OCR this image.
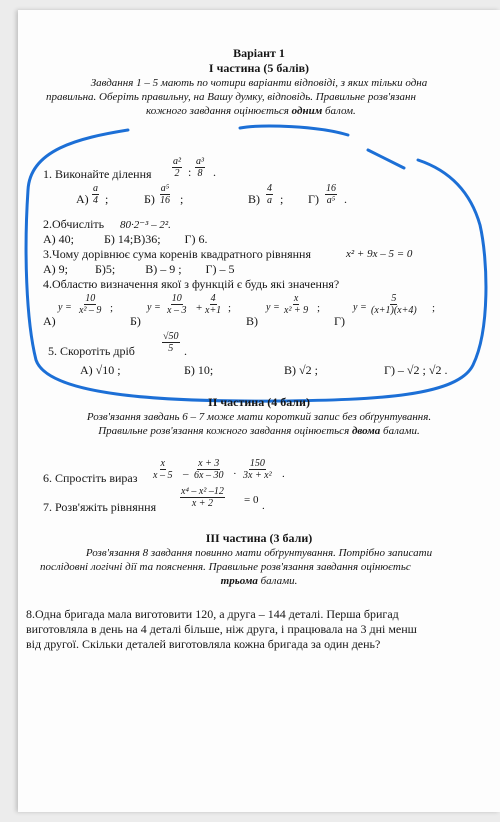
Варіант 1
I частина (5 балів)
Завдання 1 – 5 мають по чотири варіанти відповіді, з яких тільки одна
правильна. Оберіть правильну, на Вашу думку, відповідь. Правильне розв'язанн
кожного завдання оцінюється одним балом.
1. Виконайте ділення $\frac{\text{a²}}{2}$ : $\frac{\text{a³}}{8}$ .
$A) \frac{a}{4}$ ;	$Б) \frac{\text{a⁵}}{16}$ ;	$В) \frac{4}{a}$ ; $Г) \frac{16}{\text{a⁵}}$ .
2.Обчисліть 80·2⁻³ – 2².
A) 40;          Б) 14;В)36;        Г) 6.
3.Чому дорівнює сума коренів квадратного рівняння	x² + 9x – 5 = 0
А) 9;         Б)5;          В) – 9 ;        Г) – 5
4.Областю визначення якої з функцій є будь які значення?
А)
$y = \frac{10}{\text{x² – 9}}$ ;
Б)
$y = \frac{10}{x - 3} + \frac{4}{x+1}$ ;
В)
$y = \frac{x}{\text{x² + 9}}$ ;
Г)
$y = \frac{5}{(x+1)(x+4)}$ ;
5. Скоротіть дріб	$\frac{√50}{5}$ .
A) √10 ;	Б) 10;	В) √2 ;	Г) – √2 ; √2 .
II частина (4 бали)
Розв'язання завдань 6 – 7 може мати короткий запис без обґрунтування.
Правильне розв'язання кожного завдання оцінюється двома балами.
6. Спростіть вираз $\frac{x}{x - 5} - \frac{x + 3}{6x - 30} \cdot \frac{150}{\text{3x + x²}}$ .
7. Розв'яжіть рівняння $\frac{\text{x⁴ – x² –12}}{x + 2} = 0$ .
III частина (3 бали)
Розв'язання 8 завдання повинно мати обґрунтування. Потрібно записати
послідовні логічні дії та пояснення. Правильне розв'язання завдання оцінюєтьс
трьома балами.
8.Одна бригада мала виготовити 120, а друга – 144 деталі. Перша бригад
виготовляла в день на 4 деталі більше, ніж друга, і працювала на 3 дні менш
від другої. Скільки деталей виготовляла кожна бригада за один день?
